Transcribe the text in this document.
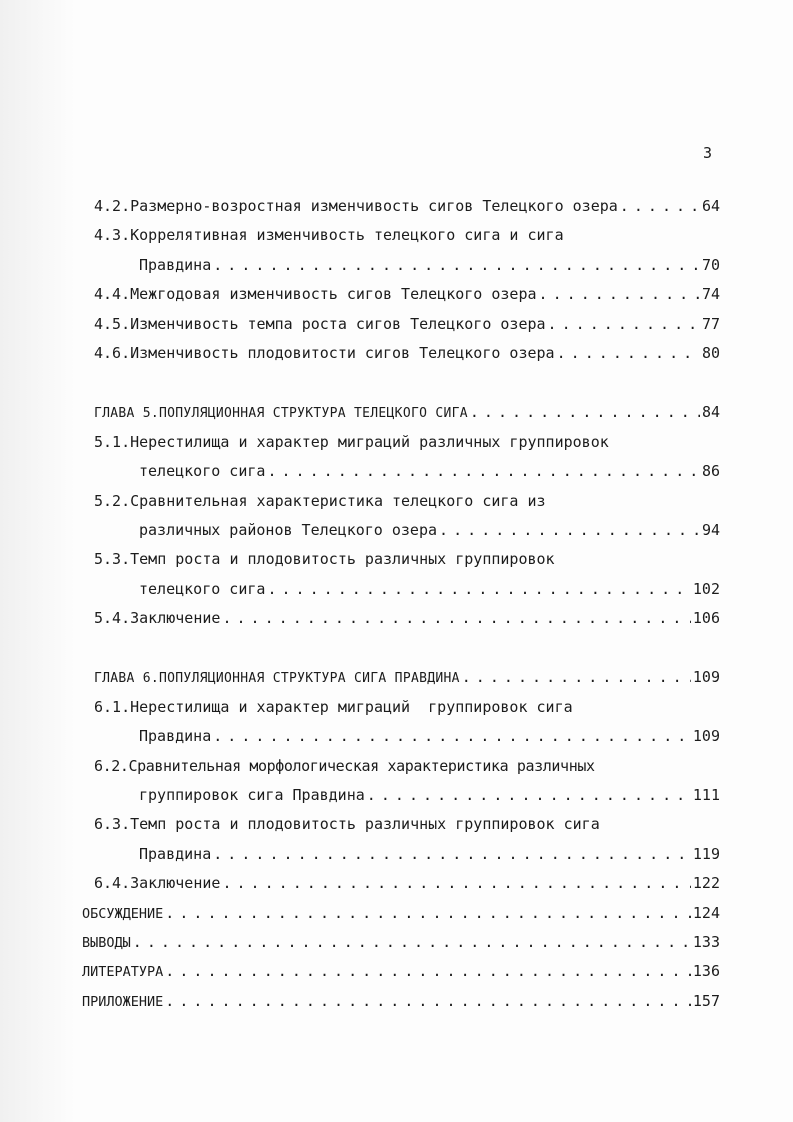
3
4.2.Размерно-возростная изменчивость сигов Телецкого озера . . .	64
4.3.Коррелятивная изменчивость телецкого сига и сига
Правдина . . .	70
4.4.Межгодовая изменчивость сигов Телецкого озера . . .	74
4.5.Изменчивость темпа роста сигов Телецкого озера . . .	77
4.6.Изменчивость плодовитости сигов Телецкого озера . . .	80
ГЛАВА 5.ПОПУЛЯЦИОННАЯ СТРУКТУРА ТЕЛЕЦКОГО СИГА . . .	84
5.1.Нерестилища и характер миграций различных группировок
телецкого сига . . .	86
5.2.Сравнительная характеристика телецкого сига из
различных районов Телецкого озера . . .	94
5.3.Темп роста и плодовитость различных группировок
телецкого сига . . .	102
5.4.Заключение . . .	106
ГЛАВА 6.ПОПУЛЯЦИОННАЯ СТРУКТУРА СИГА ПРАВДИНА . . .	109
6.1.Нерестилища и характер миграций  группировок сига
Правдина . . .	109
6.2.Сравнительная морфологическая характеристика различных
группировок сига Правдина . . .	111
6.3.Темп роста и плодовитость различных группировок сига
Правдина . . .	119
6.4.Заключение . . .	122
ОБСУЖДЕНИЕ . . .	124
ВЫВОДЫ . . .	133
ЛИТЕРАТУРА . . .	136
ПРИЛОЖЕНИЕ . . .	157
